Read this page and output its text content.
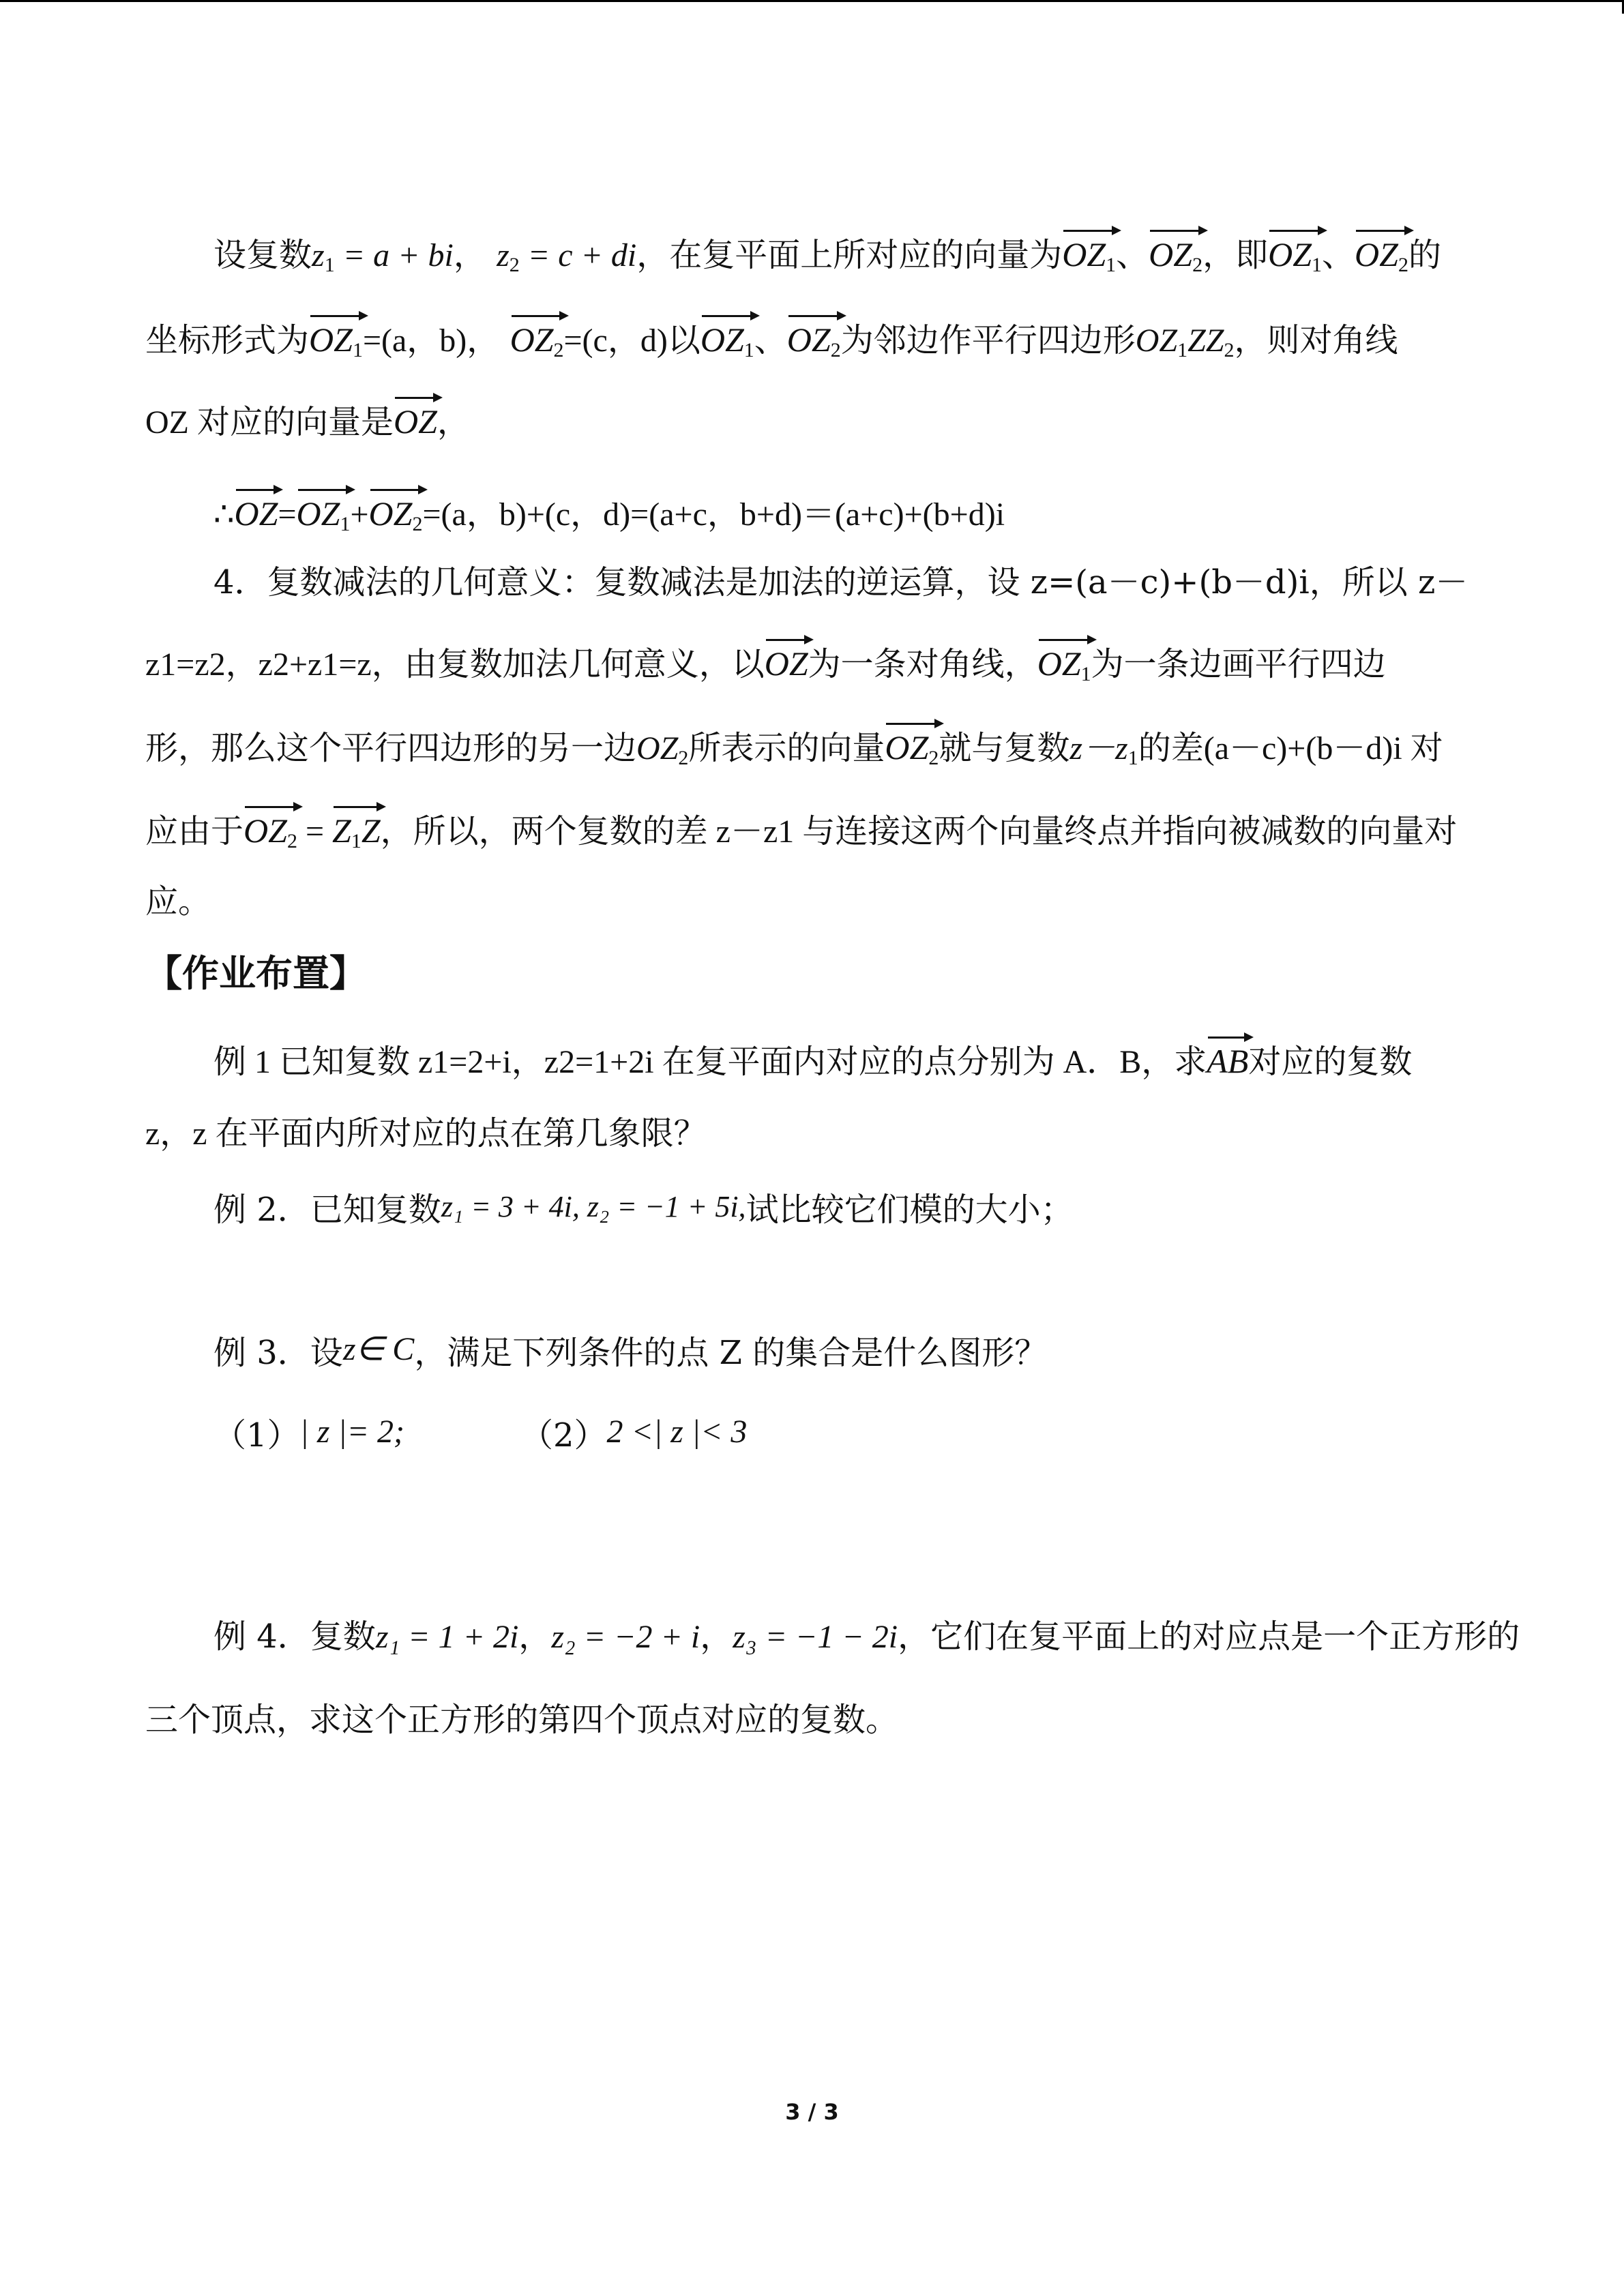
设复数$z_1 = a$ + bi， $z_2 = c$ + di，在复平面上所对应的向量为$OZ_1$、$OZ_2$，即$OZ_1$、$OZ_2$的
坐标形式为$OZ_1=(a$，b)， $OZ_2=(c$，d)以$OZ_1$、$OZ_2$为邻边作平行四边形$OZ_1ZZ_2$，则对角线
OZ 对应的向量是OZ，
$\therefore OZ=OZ_1+OZ_2=(a$，b)+(c，d)=(a+c，b+d)＝(a+c)+(b+d)i
4．复数减法的几何意义：复数减法是加法的逆运算，设 z=(a－c)+(b－d)i，所以 z－
z1=z2，z2+z1=z，由复数加法几何意义，以OZ为一条对角线，$OZ_1$为一条边画平行四边
形，那么这个平行四边形的另一边$OZ_2$所表示的向量$OZ_2$就与复数$z-z_1$的差(a－c)+(b－d)i 对
应由于$OZ_2 = Z_1Z$，所以，两个复数的差 z－z1 与连接这两个向量终点并指向被减数的向量对
应。
【作业布置】
例 1 已知复数 z1=2+i，z2=1+2i 在复平面内对应的点分别为 A．B，求AB对应的复数
z，z 在平面内所对应的点在第几象限？
例 2．已知复数z₁ = 3 + 4i, z₂ = −1 + 5i,试比较它们模的大小；
例 3．设z∈ C，满足下列条件的点 Z 的集合是什么图形？
（1）| z |= 2;	（2）2 <| z |< 3
例 4．复数z₁ = 1 + 2i，z₂ = −2 + i，z₃ = −1 − 2i，它们在复平面上的对应点是一个正方形的
三个顶点，求这个正方形的第四个顶点对应的复数。
3 / 3
